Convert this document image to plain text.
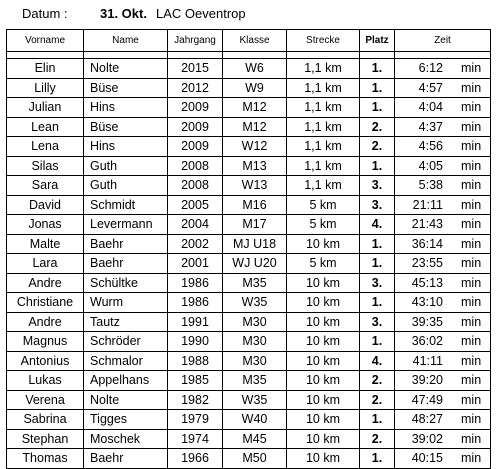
Datum : 31. Okt. LAC Oeventrop
Vorname	Name	Jahrgang	Klasse	Strecke	Platz	Zeit

Elin	Nolte	2015	W6	1,1 km	1.	6:12 min
Lilly	Büse	2012	W9	1,1 km	1.	4:57 min
Julian	Hins	2009	M12	1,1 km	1.	4:04 min
Lean	Büse	2009	M12	1,1 km	2.	4:37 min
Lena	Hins	2009	W12	1,1 km	2.	4:56 min
Silas	Guth	2008	M13	1,1 km	1.	4:05 min
Sara	Guth	2008	W13	1,1 km	3.	5:38 min
David	Schmidt	2005	M16	5 km	3.	21:11 min
Jonas	Levermann	2004	M17	5 km	4.	21:43 min
Malte	Baehr	2002	MJ U18	10 km	1.	36:14 min
Lara	Baehr	2001	WJ U20	5 km	1.	23:55 min
Andre	Schültke	1986	M35	10 km	3.	45:13 min
Christiane	Wurm	1986	W35	10 km	1.	43:10 min
Andre	Tautz	1991	M30	10 km	3.	39:35 min
Magnus	Schröder	1990	M30	10 km	1.	36:02 min
Antonius	Schmalor	1988	M30	10 km	4.	41:11 min
Lukas	Appelhans	1985	M35	10 km	2.	39:20 min
Verena	Nolte	1982	W35	10 km	2.	47:49 min
Sabrina	Tigges	1979	W40	10 km	1.	48:27 min
Stephan	Moschek	1974	M45	10 km	2.	39:02 min
Thomas	Baehr	1966	M50	10 km	1.	40:15 min
